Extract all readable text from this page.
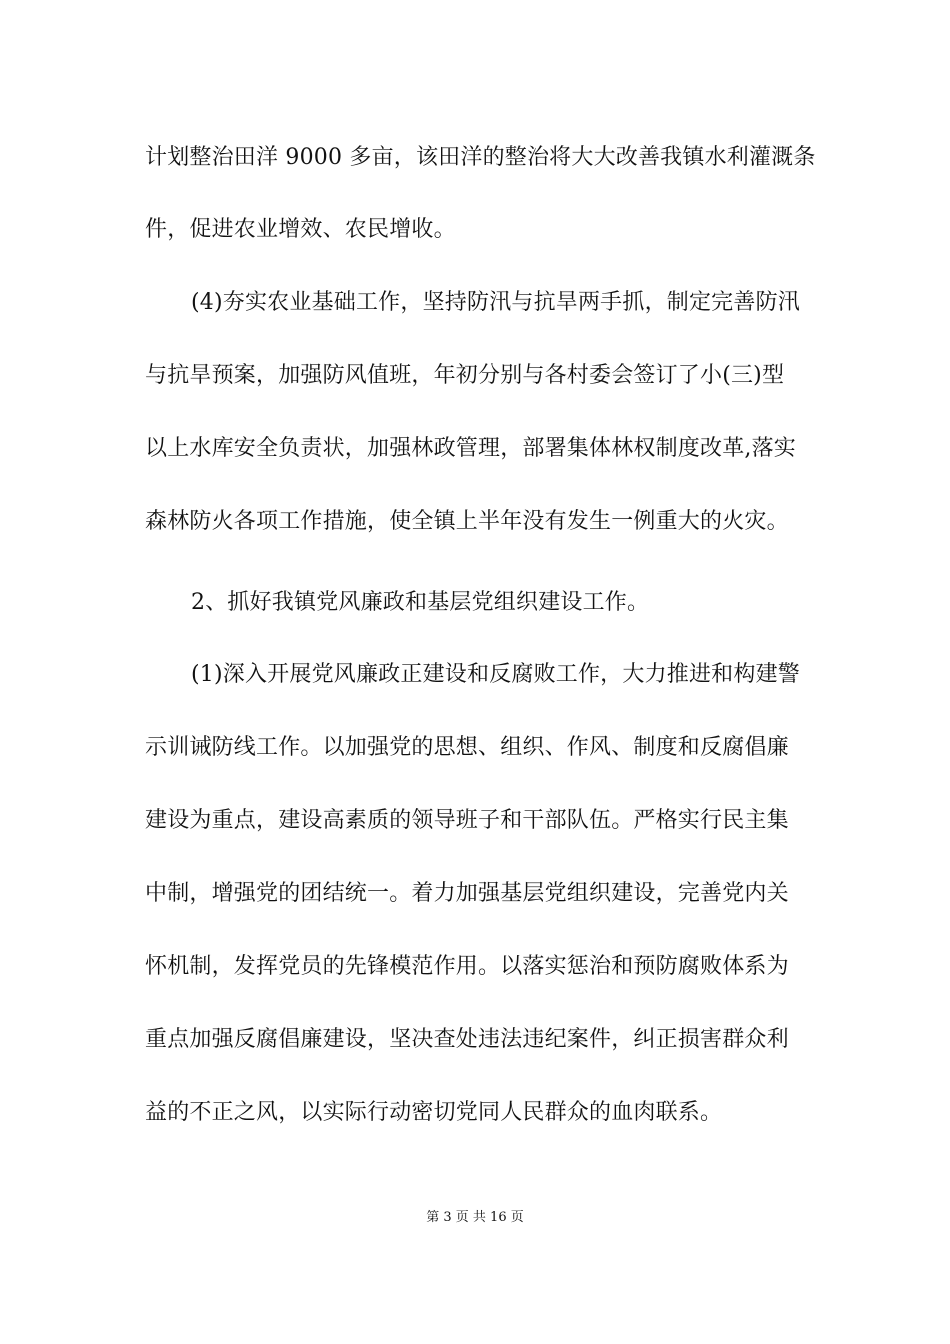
计划整治田洋 9000 多亩，该田洋的整治将大大改善我镇水利灌溉条
件，促进农业增效、农民增收。
(4)夯实农业基础工作，坚持防汛与抗旱两手抓，制定完善防汛
与抗旱预案，加强防风值班，年初分别与各村委会签订了小(三)型
以上水库安全负责状，加强林政管理，部署集体林权制度改革,落实
森林防火各项工作措施，使全镇上半年没有发生一例重大的火灾。
2、抓好我镇党风廉政和基层党组织建设工作。
(1)深入开展党风廉政正建设和反腐败工作，大力推进和构建警
示训诫防线工作。以加强党的思想、组织、作风、制度和反腐倡廉
建设为重点，建设高素质的领导班子和干部队伍。严格实行民主集
中制，增强党的团结统一。着力加强基层党组织建设，完善党内关
怀机制，发挥党员的先锋模范作用。以落实惩治和预防腐败体系为
重点加强反腐倡廉建设，坚决查处违法违纪案件，纠正损害群众利
益的不正之风，以实际行动密切党同人民群众的血肉联系。
第 3 页 共 16 页
